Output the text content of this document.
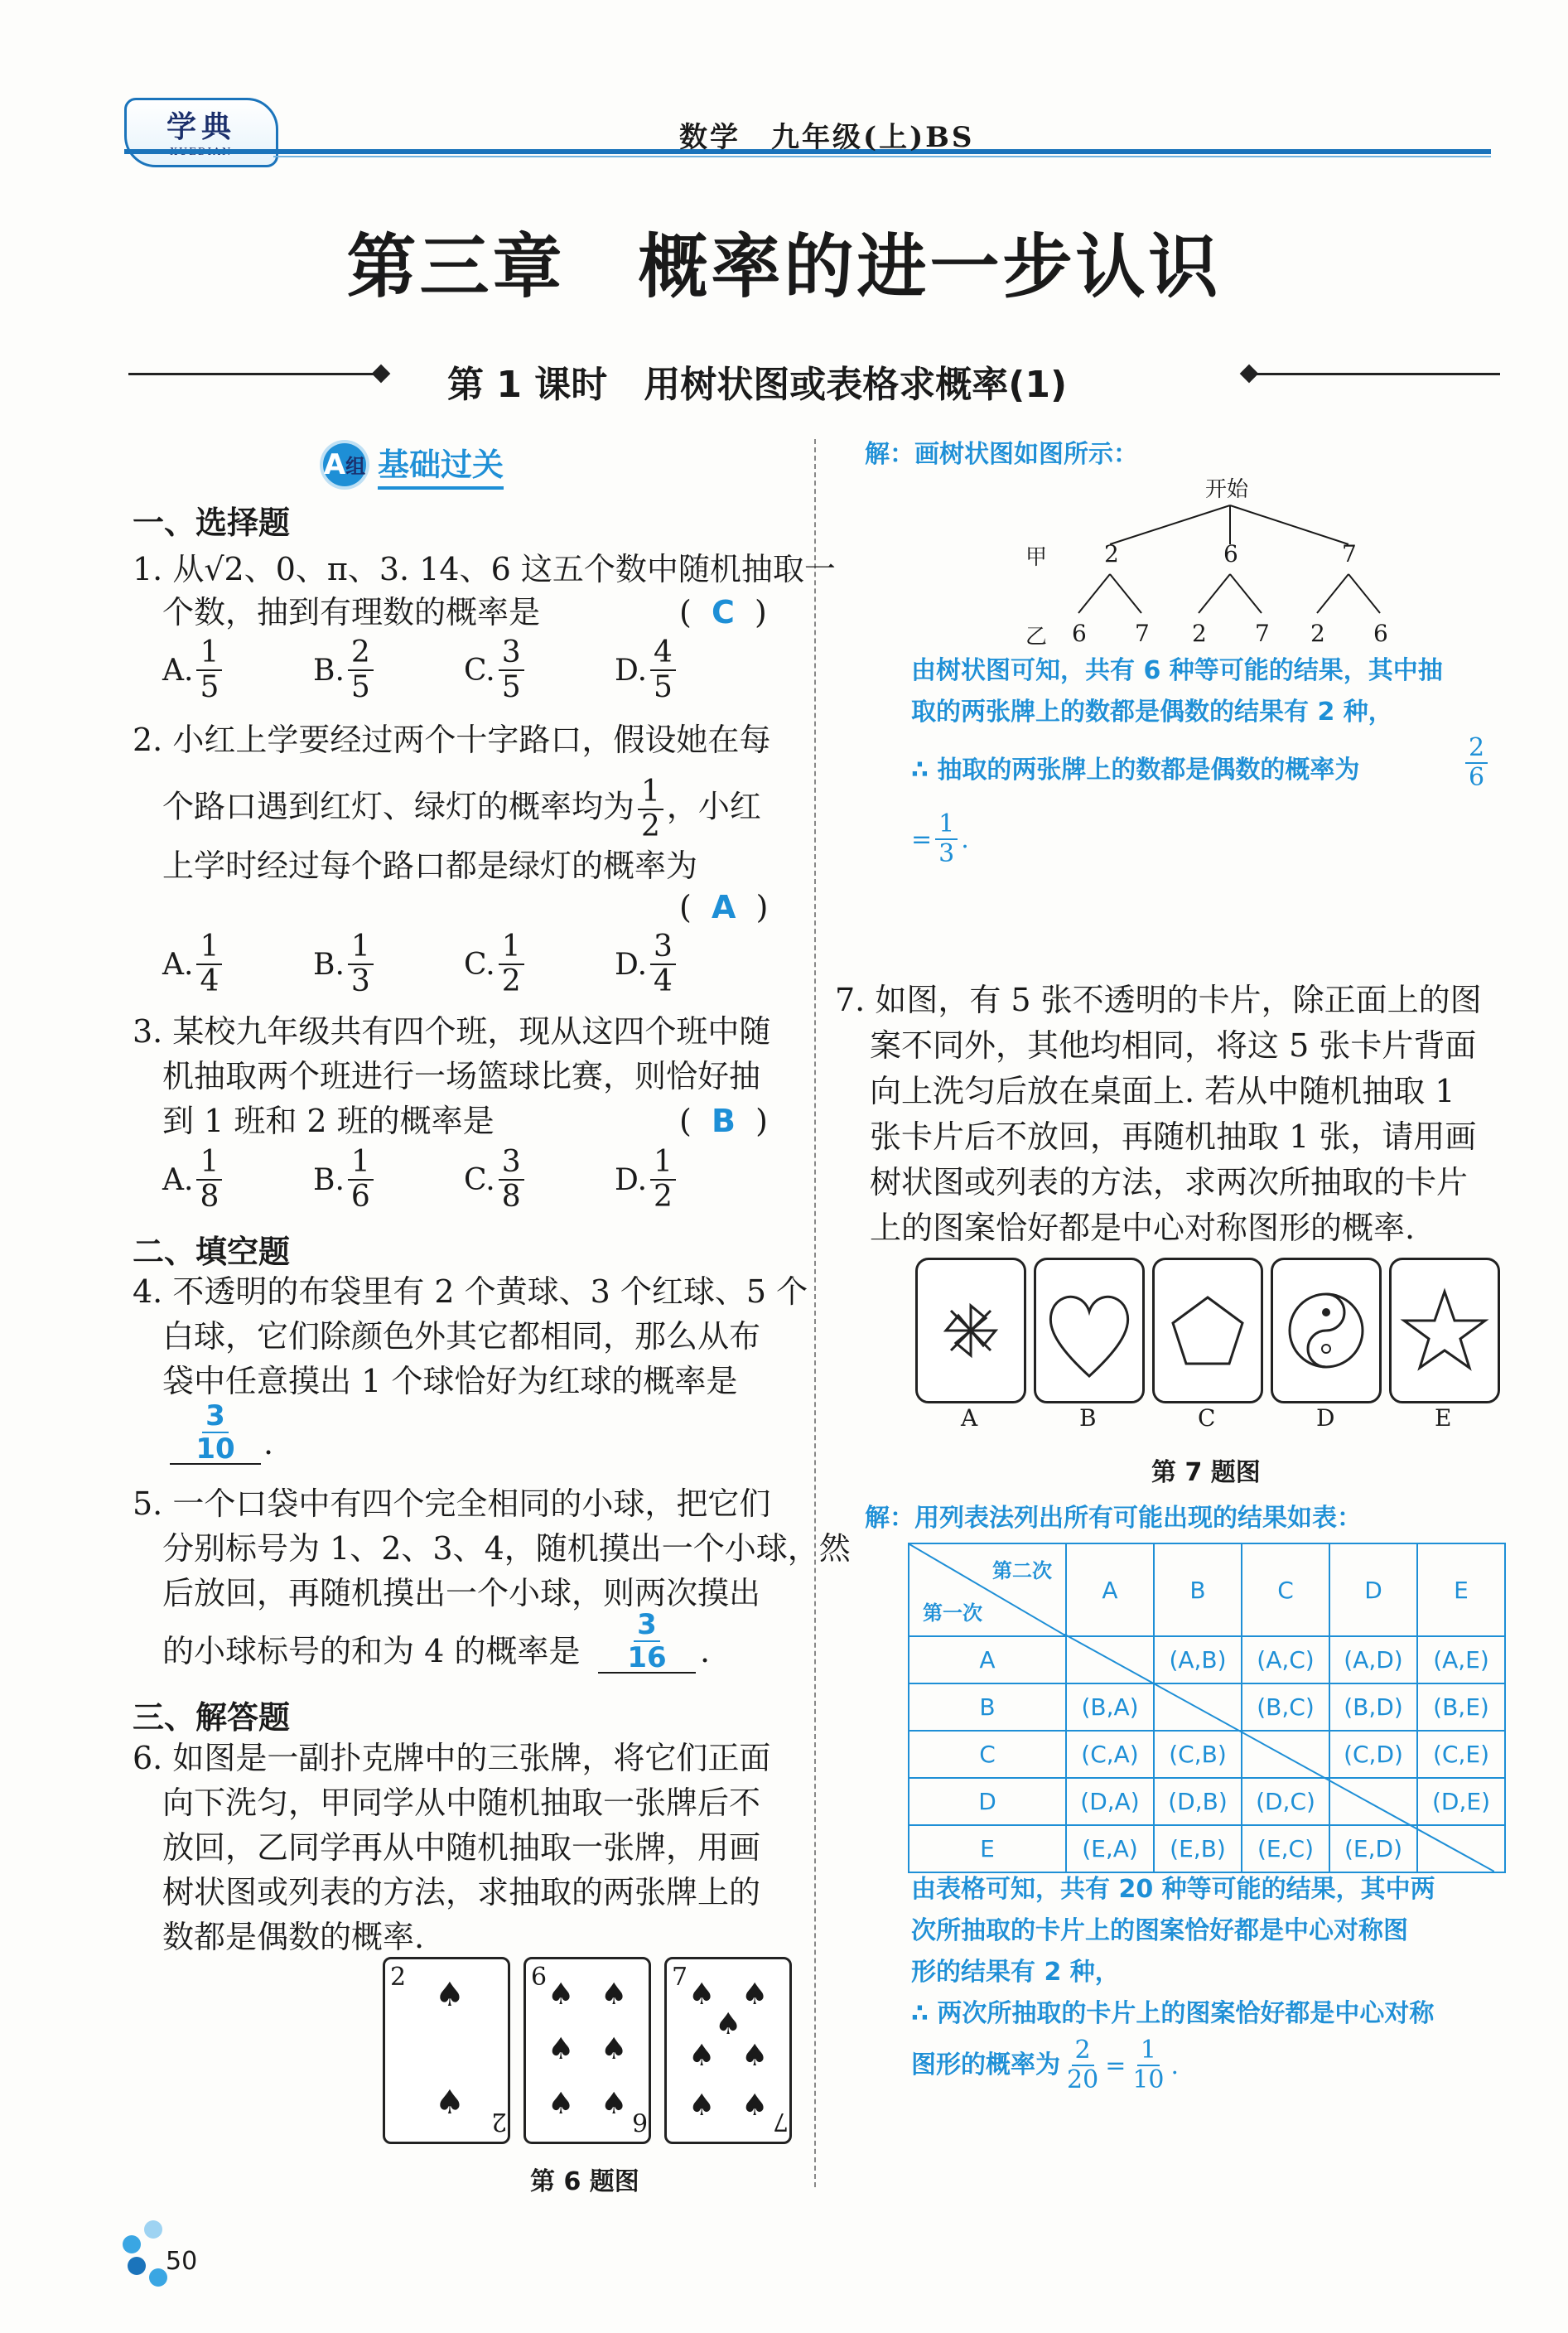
学典	数学　九年级(上)BS
第三章　概率的进一步认识
第 1 课时　用树状图或表格求概率(1)
A 组 基础过关
一、选择题
1. 从√2、0、π、3. 14、6 这五个数中随机抽取一
个数，抽到有理数的概率是	(  C  )
A. $\frac{1}{5}$	B. $\frac{2}{5}$	C. $\frac{3}{5}$	D. $\frac{4}{5}$
2. 小红上学要经过两个十字路口，假设她在每
个路口遇到红灯、绿灯的概率均为 $\frac{1}{2}$ ，小红
上学时经过每个路口都是绿灯的概率为
(  A  )
A. $\frac{1}{4}$	B. $\frac{1}{3}$	C. $\frac{1}{2}$	D. $\frac{3}{4}$
3. 某校九年级共有四个班，现从这四个班中随
机抽取两个班进行一场篮球比赛，则恰好抽
到 1 班和 2 班的概率是	(  B  )
A. $\frac{1}{8}$	B. $\frac{1}{6}$	C. $\frac{3}{8}$	D. $\frac{1}{2}$
二、填空题
4. 不透明的布袋里有 2 个黄球、3 个红球、5 个
白球，它们除颜色外其它都相同，那么从布
袋中任意摸出 1 个球恰好为红球的概率是
$\frac{3}{10}$ .
5. 一个口袋中有四个完全相同的小球，把它们
分别标号为 1、2、3、4，随机摸出一个小球，然
后放回，再随机摸出一个小球，则两次摸出
的小球标号的和为 4 的概率是 $\frac{3}{16}$ .
三、解答题
6. 如图是一副扑克牌中的三张牌，将它们正面
向下洗匀，甲同学从中随机抽取一张牌后不
放回，乙同学再从中随机抽取一张牌，用画
树状图或列表的方法，求抽取的两张牌上的
数都是偶数的概率.
2 ♠
♠ 2
6
♠ ♠
♠ ♠
♠ ♠
6
7
♠ ♠
♠
♠ ♠
♠ ♠ 7
第 6 题图
50
解：画树状图如图所示：
开始
甲 2	6	7
乙 6 7 2 7 2 6
由树状图可知，共有 6 种等可能的结果，其中抽
取的两张牌上的数都是偶数的结果有 2 种，
∴ 抽取的两张牌上的数都是偶数的概率为	$\frac{2}{6}$
= $\frac{1}{3}$ .
7. 如图，有 5 张不透明的卡片，除正面上的图
案不同外，其他均相同，将这 5 张卡片背面
向上洗匀后放在桌面上. 若从中随机抽取 1
张卡片后不放回，再随机抽取 1 张，请用画
树状图或列表的方法，求两次所抽取的卡片
上的图案恰好都是中心对称图形的概率.
A	B	C	D	E
第 7 题图
解：用列表法列出所有可能出现的结果如表：
第二次
第一次	A	B	C	D	E
A		(A,B)	(A,C)	(A,D)	(A,E)
B	(B,A)		(B,C)	(B,D)	(B,E)
C	(C,A)	(C,B)		(C,D)	(C,E)
D	(D,A)	(D,B)	(D,C)		(D,E)
E	(E,A)	(E,B)	(E,C)	(E,D)	
由表格可知，共有 20 种等可能的结果，其中两
次所抽取的卡片上的图案恰好都是中心对称图
形的结果有 2 种，
∴ 两次所抽取的卡片上的图案恰好都是中心对称
图形的概率为 $\frac{2}{20} = \frac{1}{10}$ .
